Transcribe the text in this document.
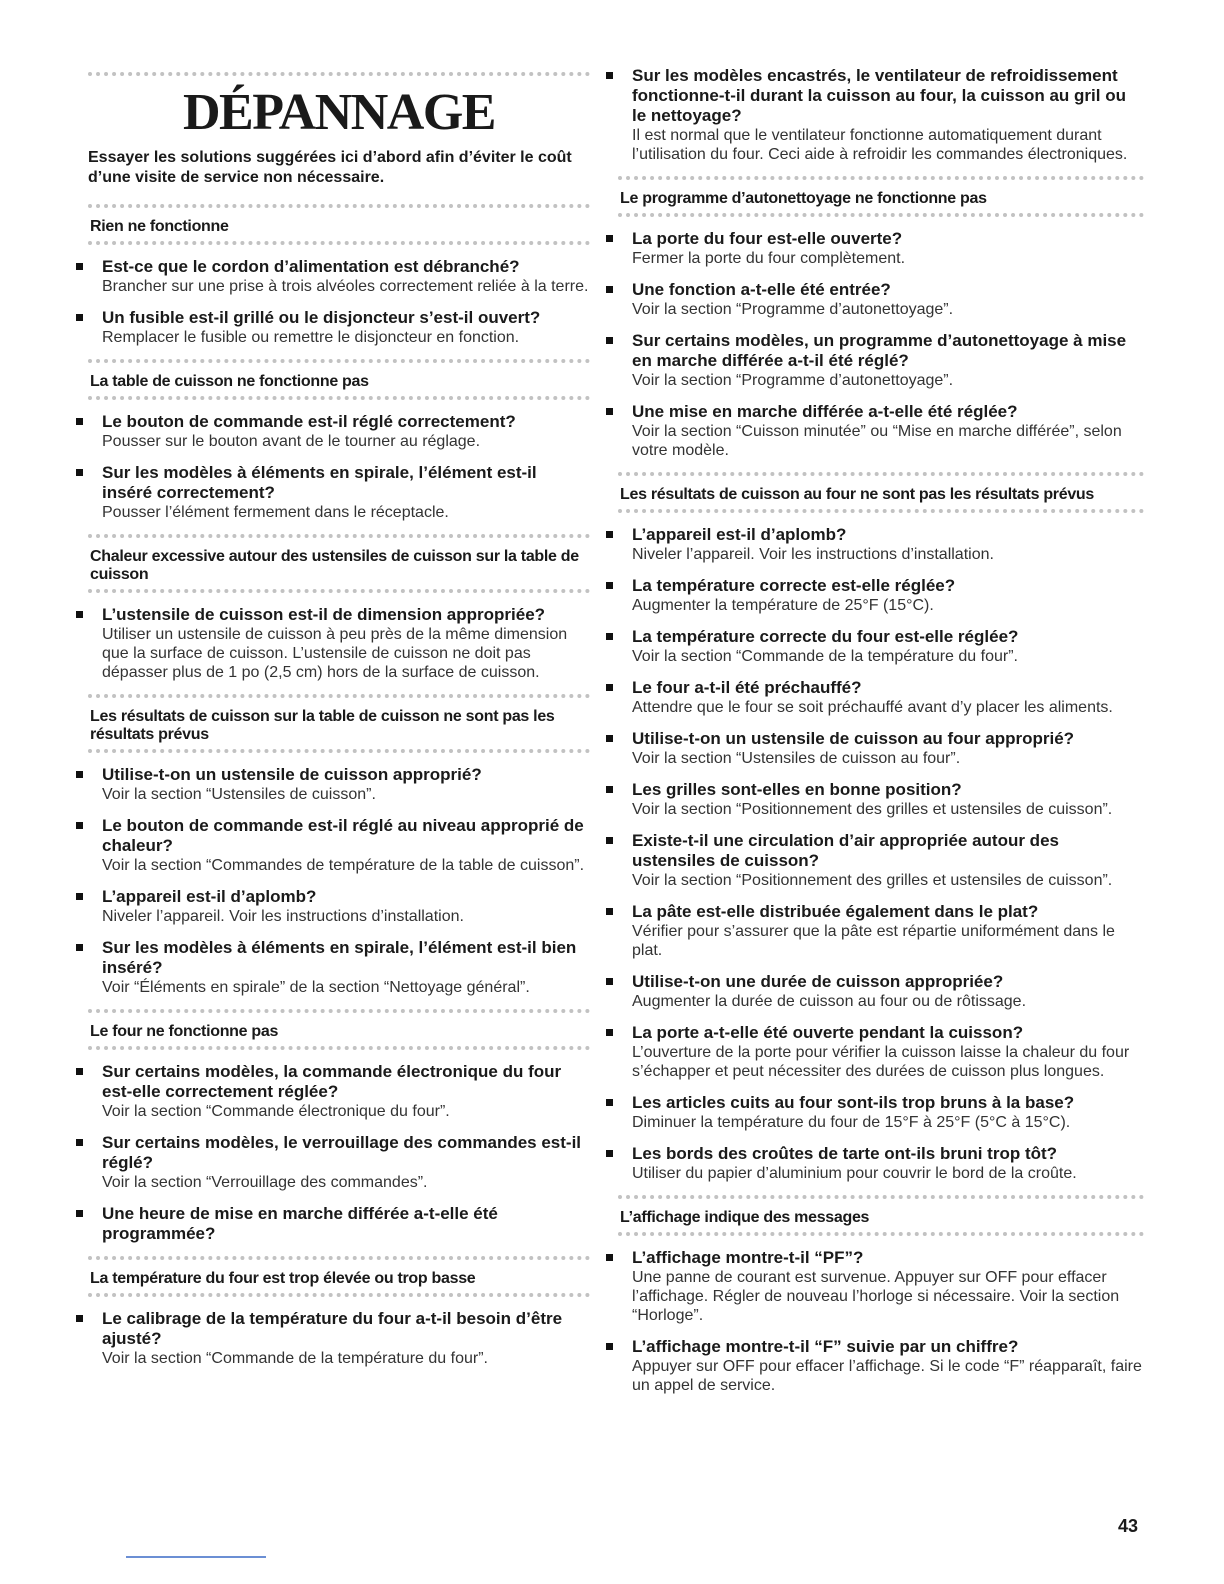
DÉPANNAGE

Essayer les solutions suggérées ici d’abord afin d’éviter le coût d’une visite de service non nécessaire.

Rien ne fonctionne
Est-ce que le cordon d’alimentation est débranché?
Brancher sur une prise à trois alvéoles correctement reliée à la terre.
Un fusible est-il grillé ou le disjoncteur s’est-il ouvert?
Remplacer le fusible ou remettre le disjoncteur en fonction.
La table de cuisson ne fonctionne pas
Le bouton de commande est-il réglé correctement?
Pousser sur le bouton avant de le tourner au réglage.
Sur les modèles à éléments en spirale, l’élément est-il inséré correctement?
Pousser l’élément fermement dans le réceptacle.
Chaleur excessive autour des ustensiles de cuisson sur la table de cuisson
L’ustensile de cuisson est-il de dimension appropriée?
Utiliser un ustensile de cuisson à peu près de la même dimension que la surface de cuisson. L’ustensile de cuisson ne doit pas dépasser plus de 1 po (2,5 cm) hors de la surface de cuisson.
Les résultats de cuisson sur la table de cuisson ne sont pas les résultats prévus
Utilise-t-on un ustensile de cuisson approprié?
Voir la section “Ustensiles de cuisson”.
Le bouton de commande est-il réglé au niveau approprié de chaleur?
Voir la section “Commandes de température de la table de cuisson”.
L’appareil est-il d’aplomb?
Niveler l’appareil. Voir les instructions d’installation.
Sur les modèles à éléments en spirale, l’élément est-il bien inséré?
Voir “Éléments en spirale” de la section “Nettoyage général”.
Le four ne fonctionne pas
Sur certains modèles, la commande électronique du four est-elle correctement réglée?
Voir la section “Commande électronique du four”.
Sur certains modèles, le verrouillage des commandes est-il réglé?
Voir la section “Verrouillage des commandes”.
Une heure de mise en marche différée a-t-elle été programmée?
La température du four est trop élevée ou trop basse
Le calibrage de la température du four a-t-il besoin d’être ajusté?
Voir la section “Commande de la température du four”.
Sur les modèles encastrés, le ventilateur de refroidissement fonctionne-t-il durant la cuisson au four, la cuisson au gril ou le nettoyage?
Il est normal que le ventilateur fonctionne automatiquement durant l’utilisation du four. Ceci aide à refroidir les commandes électroniques.
Le programme d’autonettoyage ne fonctionne pas
La porte du four est-elle ouverte?
Fermer la porte du four complètement.
Une fonction a-t-elle été entrée?
Voir la section “Programme d’autonettoyage”.
Sur certains modèles, un programme d’autonettoyage à mise en marche différée a-t-il été réglé?
Voir la section “Programme d’autonettoyage”.
Une mise en marche différée a-t-elle été réglée?
Voir la section “Cuisson minutée” ou “Mise en marche différée”, selon votre modèle.
Les résultats de cuisson au four ne sont pas les résultats prévus
L’appareil est-il d’aplomb?
Niveler l’appareil. Voir les instructions d’installation.
La température correcte est-elle réglée?
Augmenter la température de 25°F (15°C).
La température correcte du four est-elle réglée?
Voir la section “Commande de la température du four”.
Le four a-t-il été préchauffé?
Attendre que le four se soit préchauffé avant d’y placer les aliments.
Utilise-t-on un ustensile de cuisson au four approprié?
Voir la section “Ustensiles de cuisson au four”.
Les grilles sont-elles en bonne position?
Voir la section “Positionnement des grilles et ustensiles de cuisson”.
Existe-t-il une circulation d’air appropriée autour des ustensiles de cuisson?
Voir la section “Positionnement des grilles et ustensiles de cuisson”.
La pâte est-elle distribuée également dans le plat?
Vérifier pour s’assurer que la pâte est répartie uniformément dans le plat.
Utilise-t-on une durée de cuisson appropriée?
Augmenter la durée de cuisson au four ou de rôtissage.
La porte a-t-elle été ouverte pendant la cuisson?
L’ouverture de la porte pour vérifier la cuisson laisse la chaleur du four s’échapper et peut nécessiter des durées de cuisson plus longues.
Les articles cuits au four sont-ils trop bruns à la base?
Diminuer la température du four de 15°F à 25°F (5°C à 15°C).
Les bords des croûtes de tarte ont-ils bruni trop tôt?
Utiliser du papier d’aluminium pour couvrir le bord de la croûte.
L’affichage indique des messages
L’affichage montre-t-il “PF”?
Une panne de courant est survenue. Appuyer sur OFF pour effacer l’affichage. Régler de nouveau l’horloge si nécessaire. Voir la section “Horloge”.
L’affichage montre-t-il “F” suivie par un chiffre?
Appuyer sur OFF pour effacer l’affichage. Si le code “F” réapparaît, faire un appel de service.
43
